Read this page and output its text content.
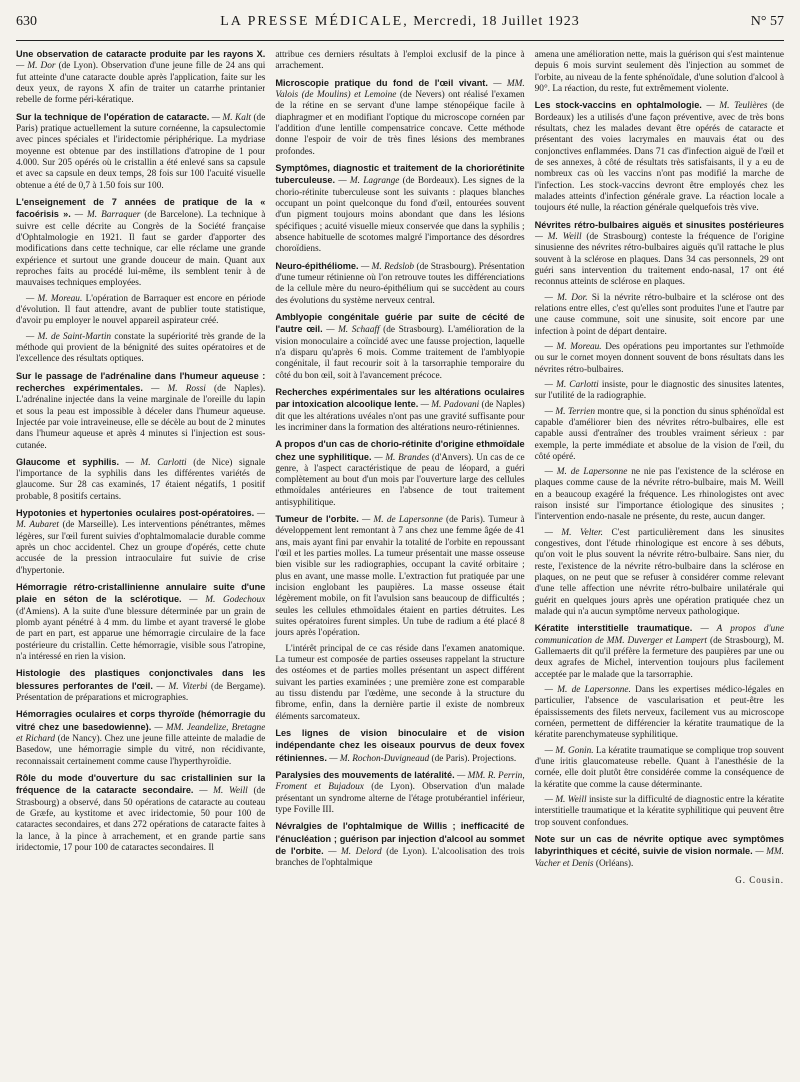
630	LA PRESSE MÉDICALE, Mercredi, 18 Juillet 1923	N° 57

Une observation de cataracte produite par les rayons X. — M. Dor (de Lyon). Observation d'une jeune fille de 24 ans qui fut atteinte d'une cataracte double après l'application, faite sur les deux yeux, de rayons X afin de traiter un catarrhe printanier rebelle de forme péri-kératique.

Sur la technique de l'opération de cataracte. — M. Kalt (de Paris) pratique actuellement la suture cornéenne, la capsulectomie avec pinces spéciales et l'iridectomie périphérique. La mydriase moyenne est obtenue par des instillations d'atropine de 1 pour 4.000. Sur 205 opérés où le cristallin a été enlevé sans sa capsule et avec sa capsule en deux temps, 28 fois sur 100 l'acuité visuelle obtenue a été de 0,7 à 1.50 fois sur 100.

L'enseignement de 7 années de pratique de la « facoérisis ». — M. Barraquer (de Barcelone). La technique à suivre est celle décrite au Congrès de la Société française d'Ophtalmologie en 1921. Il faut se garder d'apporter des modifications dans cette technique, car elle réclame une grande expérience et surtout une grande douceur de main. Quant aux reproches faits au procédé lui-même, ils semblent tenir à de mauvaises techniques employées.

— M. Moreau. L'opération de Barraquer est encore en période d'évolution. Il faut attendre, avant de publier toute statistique, d'avoir pu employer le nouvel appareil aspirateur créé.

— M. de Saint-Martin constate la supériorité très grande de la méthode qui provient de la bénignité des suites opératoires et de l'excellence des résultats optiques.

Sur le passage de l'adrénaline dans l'humeur aqueuse : recherches expérimentales. — M. Rossi (de Naples). L'adrénaline injectée dans la veine marginale de l'oreille du lapin et sous la peau est impossible à déceler dans l'humeur aqueuse. Injectée par voie intraveineuse, elle se décèle au bout de 2 minutes dans l'humeur aqueuse et après 4 minutes si l'injection est sous-cutanée.

Glaucome et syphilis. — M. Carlotti (de Nice) signale l'importance de la syphilis dans les différentes variétés de glaucome. Sur 28 cas examinés, 17 étaient négatifs, 1 positif probable, 8 positifs certains.

Hypotonies et hypertonies oculaires post-opératoires. — M. Aubaret (de Marseille). Les interventions pénétrantes, mêmes légères, sur l'œil furent suivies d'ophtalmomalacie durable comme après un choc accidentel. Chez un groupe d'opérés, cette chute accusée de la pression intraoculaire fut suivie de crise d'hypertonie.

Hémorragie rétro-cristallinienne annulaire suite d'une plaie en séton de la sclérotique. — M. Godechoux (d'Amiens). A la suite d'une blessure déterminée par un grain de plomb ayant pénétré à 4 mm. du limbe et ayant traversé le globe de part en part, est apparue une hémorragie circulaire de la face postérieure du cristallin. Cette hémorragie, visible sous l'atropine, n'a intéressé en rien la vision.

Histologie des plastiques conjonctivales dans les blessures perforantes de l'œil. — M. Viterbi (de Bergame). Présentation de préparations et micrographies.

Hémorragies oculaires et corps thyroïde (hémorragie du vitré chez une basedowienne). — MM. Jeandelize, Bretagne et Richard (de Nancy). Chez une jeune fille atteinte de maladie de Basedow, une hémorragie simple du vitré, non récidivante, reconnaissait certainement comme cause l'hyperthyroïdie.

Rôle du mode d'ouverture du sac cristallinien sur la fréquence de la cataracte secondaire. — M. Weill (de Strasbourg) a observé, dans 50 opérations de cataracte au couteau de Græfe, au kystitome et avec iridectomie, 50 pour 100 de cataractes secondaires, et dans 272 opérations de cataracte faites à la lance, à la pince à arrachement, et en grande partie sans iridectomie, 17 pour 100 de cataractes secondaires. Il

attribue ces derniers résultats à l'emploi exclusif de la pince à arrachement.

Microscopie pratique du fond de l'œil vivant. — MM. Valois (de Moulins) et Lemoine (de Nevers) ont réalisé l'examen de la rétine en se servant d'une lampe sténopéique facile à diaphragmer et en modifiant l'optique du microscope cornéen par l'addition d'une lentille compensatrice concave. Cette méthode donne l'espoir de voir de très fines lésions des membranes profondes.

Symptômes, diagnostic et traitement de la choriorétinite tuberculeuse. — M. Lagrange (de Bordeaux). Les signes de la chorio-rétinite tuberculeuse sont les suivants : plaques blanches occupant un point quelconque du fond d'œil, entourées souvent d'un pigment toujours moins abondant que dans les lésions spécifiques ; acuité visuelle mieux conservée que dans la syphilis ; absence habituelle de scotomes malgré l'importance des désordres choroïdiens.

Neuro-épithéliome. — M. Redslob (de Strasbourg). Présentation d'une tumeur rétinienne où l'on retrouve toutes les différenciations de la cellule mère du neuro-épithélium qui se succèdent au cours des évolutions du système nerveux central.

Amblyopie congénitale guérie par suite de cécité de l'autre œil. — M. Schaaff (de Strasbourg). L'amélioration de la vision monoculaire a coïncidé avec une fausse projection, laquelle n'a disparu qu'après 6 mois. Comme traitement de l'amblyopie congénitale, il faut recourir soit à la tarsorraphie temporaire du côté du bon œil, soit à l'avancement précoce.

Recherches expérimentales sur les altérations oculaires par intoxication alcoolique lente. — M. Padovani (de Naples) dit que les altérations uvéales n'ont pas une gravité suffisante pour les incriminer dans la formation des altérations neuro-rétiniennes.

A propos d'un cas de chorio-rétinite d'origine ethmoïdale chez une syphilitique. — M. Brandes (d'Anvers). Un cas de ce genre, à l'aspect caractéristique de peau de léopard, a guéri complètement au bout d'un mois par l'ouverture large des cellules ethmoïdales antérieures en l'absence de tout traitement antisyphilitique.

Tumeur de l'orbite. — M. de Lapersonne (de Paris). Tumeur à développement lent remontant à 7 ans chez une femme âgée de 41 ans, mais ayant fini par envahir la totalité de l'orbite en repoussant l'œil et les parties molles. La tumeur présentait une masse osseuse bien visible sur les radiographies, occupant la cavité orbitaire ; plus en avant, une masse molle. L'extraction fut pratiquée par une incision englobant les paupières. La masse osseuse était légèrement mobile, on fit l'avulsion sans beaucoup de difficultés ; seules les cellules ethmoïdales étaient en parties détruites. Les suites opératoires furent simples. Un tube de radium a été placé 8 jours après l'opération.

L'intérêt principal de ce cas réside dans l'examen anatomique. La tumeur est composée de parties osseuses rappelant la structure des ostéomes et de parties molles présentant un aspect différent suivant les parties examinées ; une première zone est comparable au tissu distendu par l'œdème, une seconde à la structure du fibrome, enfin, dans la dernière partie il existe de nombreux éléments sarcomateux.

Les lignes de vision binoculaire et de vision indépendante chez les oiseaux pourvus de deux fovex rétiniennes. — M. Rochon-Duvigneaud (de Paris). Projections.

Paralysies des mouvements de latéralité. — MM. R. Perrin, Froment et Bujadoux (de Lyon). Observation d'un malade présentant un syndrome alterne de l'étage protubérantiel inférieur, type Foville III.

Névralgies de l'ophtalmique de Willis ; inefficacité de l'énucléation ; guérison par injection d'alcool au sommet de l'orbite. — M. Delord (de Lyon). L'alcoolisation des trois branches de l'ophtalmique

amena une amélioration nette, mais la guérison qui s'est maintenue depuis 6 mois survint seulement dès l'injection au sommet de l'orbite, au niveau de la fente sphénoïdale, d'une solution d'alcool à 90°. La réaction, du reste, fut extrêmement violente.

Les stock-vaccins en ophtalmologie. — M. Teulières (de Bordeaux) les a utilisés d'une façon préventive, avec de très bons résultats, chez les malades devant être opérés de cataracte et présentant des voies lacrymales en mauvais état ou des conjonctives enflammées. Dans 71 cas d'infection aiguë de l'œil et de ses annexes, à côté de résultats très satisfaisants, il y a eu de nombreux cas où les vaccins n'ont pas modifié la marche de l'infection. Les stock-vaccins devront être employés chez les malades atteints d'infection générale grave. La réaction locale a toujours été nulle, la réaction générale quelquefois très vive.

Névrites rétro-bulbaires aiguës et sinusites postérieures — M. Weill (de Strasbourg) conteste la fréquence de l'origine sinusienne des névrites rétro-bulbaires aiguës qu'il rattache le plus souvent à la sclérose en plaques. Dans 34 cas personnels, 29 ont guéri sans intervention du traitement endo-nasal, 17 ont été reconnus atteints de sclérose en plaques.

— M. Dor. Si la névrite rétro-bulbaire et la sclérose ont des relations entre elles, c'est qu'elles sont produites l'une et l'autre par une cause commune, soit une sinusite, soit encore par une infection à point de départ dentaire.

— M. Moreau. Des opérations peu importantes sur l'ethmoïde ou sur le cornet moyen donnent souvent de bons résultats dans les névrites rétro-bulbaires.

— M. Carlotti insiste, pour le diagnostic des sinusites latentes, sur l'utilité de la radiographie.

— M. Terrien montre que, si la ponction du sinus sphénoïdal est capable d'améliorer bien des névrites rétro-bulbaires, elle est capable aussi d'entraîner des troubles vraiment sérieux : par exemple, la perte immédiate et absolue de la vision de l'œil, du côté opéré.

— M. de Lapersonne ne nie pas l'existence de la sclérose en plaques comme cause de la névrite rétro-bulbaire, mais M. Weill en a beaucoup exagéré la fréquence. Les rhinologistes ont avec raison insisté sur l'importance étiologique des sinusites ; l'intervention endo-nasale ne présente, du reste, aucun danger.

— M. Velter. C'est particulièrement dans les sinusites congestives, dont l'étude rhinologique est encore à ses débuts, qu'on voit le plus souvent la névrite rétro-bulbaire. Sans nier, du reste, l'existence de la névrite rétro-bulbaire dans la sclérose en plaques, on ne peut que se refuser à considérer comme relevant d'une telle affection une névrite rétro-bulbaire unilatérale qui guérit en quelques jours après une opération pratiquée chez un malade qui n'a aucun symptôme nerveux pathologique.

Kératite interstitielle traumatique. — A propos d'une communication de MM. Duverger et Lampert (de Strasbourg), M. Gallemaerts dit qu'il préfère la fermeture des paupières par une ou deux agrafes de Michel, intervention toujours plus facilement acceptée par le malade que la tarsorraphie.

— M. de Lapersonne. Dans les expertises médico-légales en particulier, l'absence de vascularisation et peut-être les épaississements des filets nerveux, facilement vus au microscope cornéen, permettent de différencier la kératite traumatique de la kératite parenchymateuse syphilitique.

— M. Gonin. La kératite traumatique se complique trop souvent d'une iritis glaucomateuse rebelle. Quant à l'anesthésie de la cornée, elle doit plutôt être considérée comme la conséquence de la kératite que comme la cause déterminante.

— M. Weill insiste sur la difficulté de diagnostic entre la kératite interstitielle traumatique et la kératite syphilitique qui peuvent être trop souvent confondues.

Note sur un cas de névrite optique avec symptômes labyrinthiques et cécité, suivie de vision normale. — MM. Vacher et Denis (Orléans).

G. Cousin.
